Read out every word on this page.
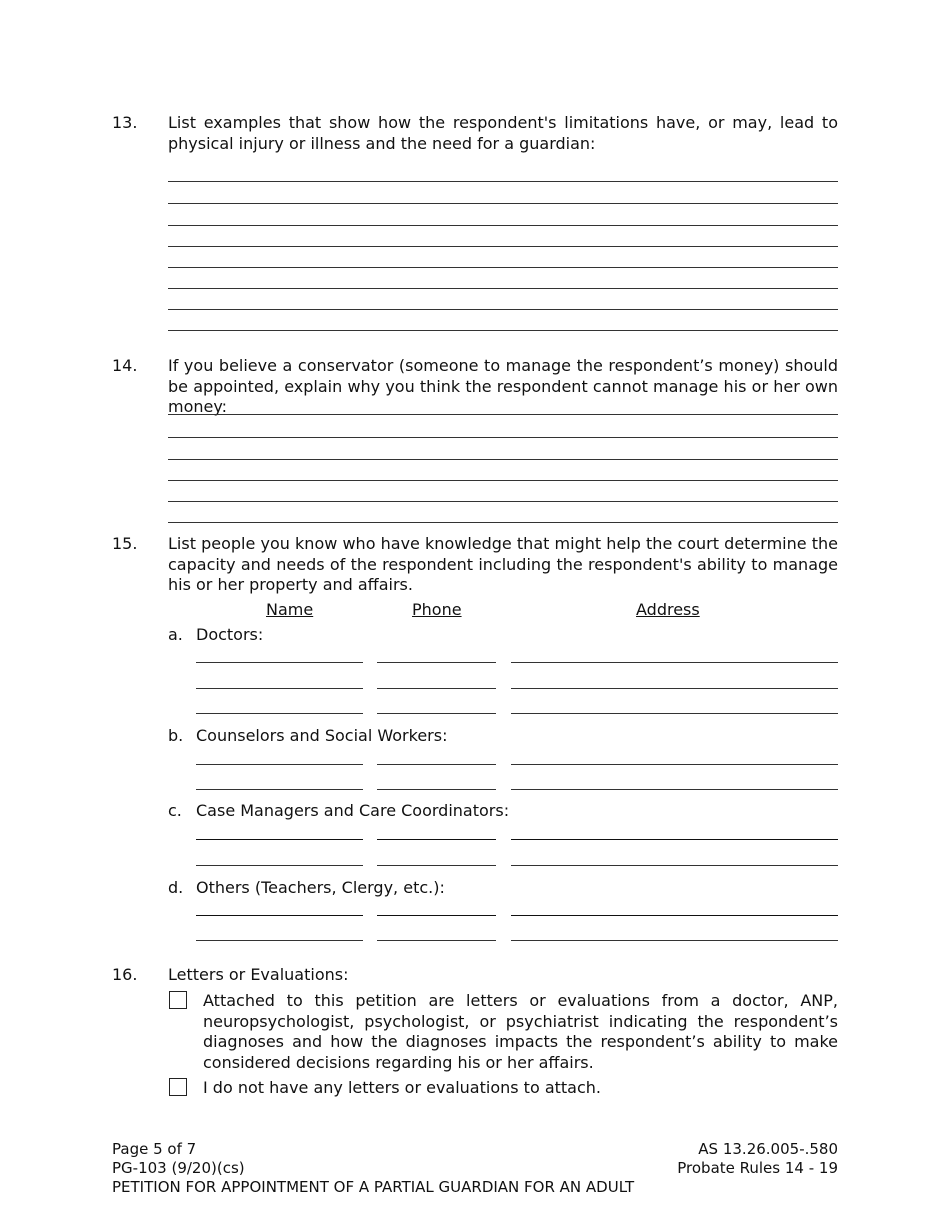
13. List examples that show how the respondent's limitations have, or may, lead to physical injury or illness and the need for a guardian:
14. If you believe a conservator (someone to manage the respondent’s money) should be appointed, explain why you think the respondent cannot manage his or her own money:
15. List people you know who have knowledge that might help the court determine the capacity and needs of the respondent including the respondent's ability to manage his or her property and affairs.
Name	Phone	Address
a. Doctors:
b. Counselors and Social Workers:
c. Case Managers and Care Coordinators:
d. Others (Teachers, Clergy, etc.):
16. Letters or Evaluations:
Attached to this petition are letters or evaluations from a doctor, ANP, neuropsychologist, psychologist, or psychiatrist indicating the respondent’s diagnoses and how the diagnoses impacts the respondent’s ability to make considered decisions regarding his or her affairs.
I do not have any letters or evaluations to attach.
Page 5 of 7
PG-103 (9/20)(cs)
PETITION FOR APPOINTMENT OF A PARTIAL GUARDIAN FOR AN ADULT
AS 13.26.005-.580
Probate Rules 14 - 19
